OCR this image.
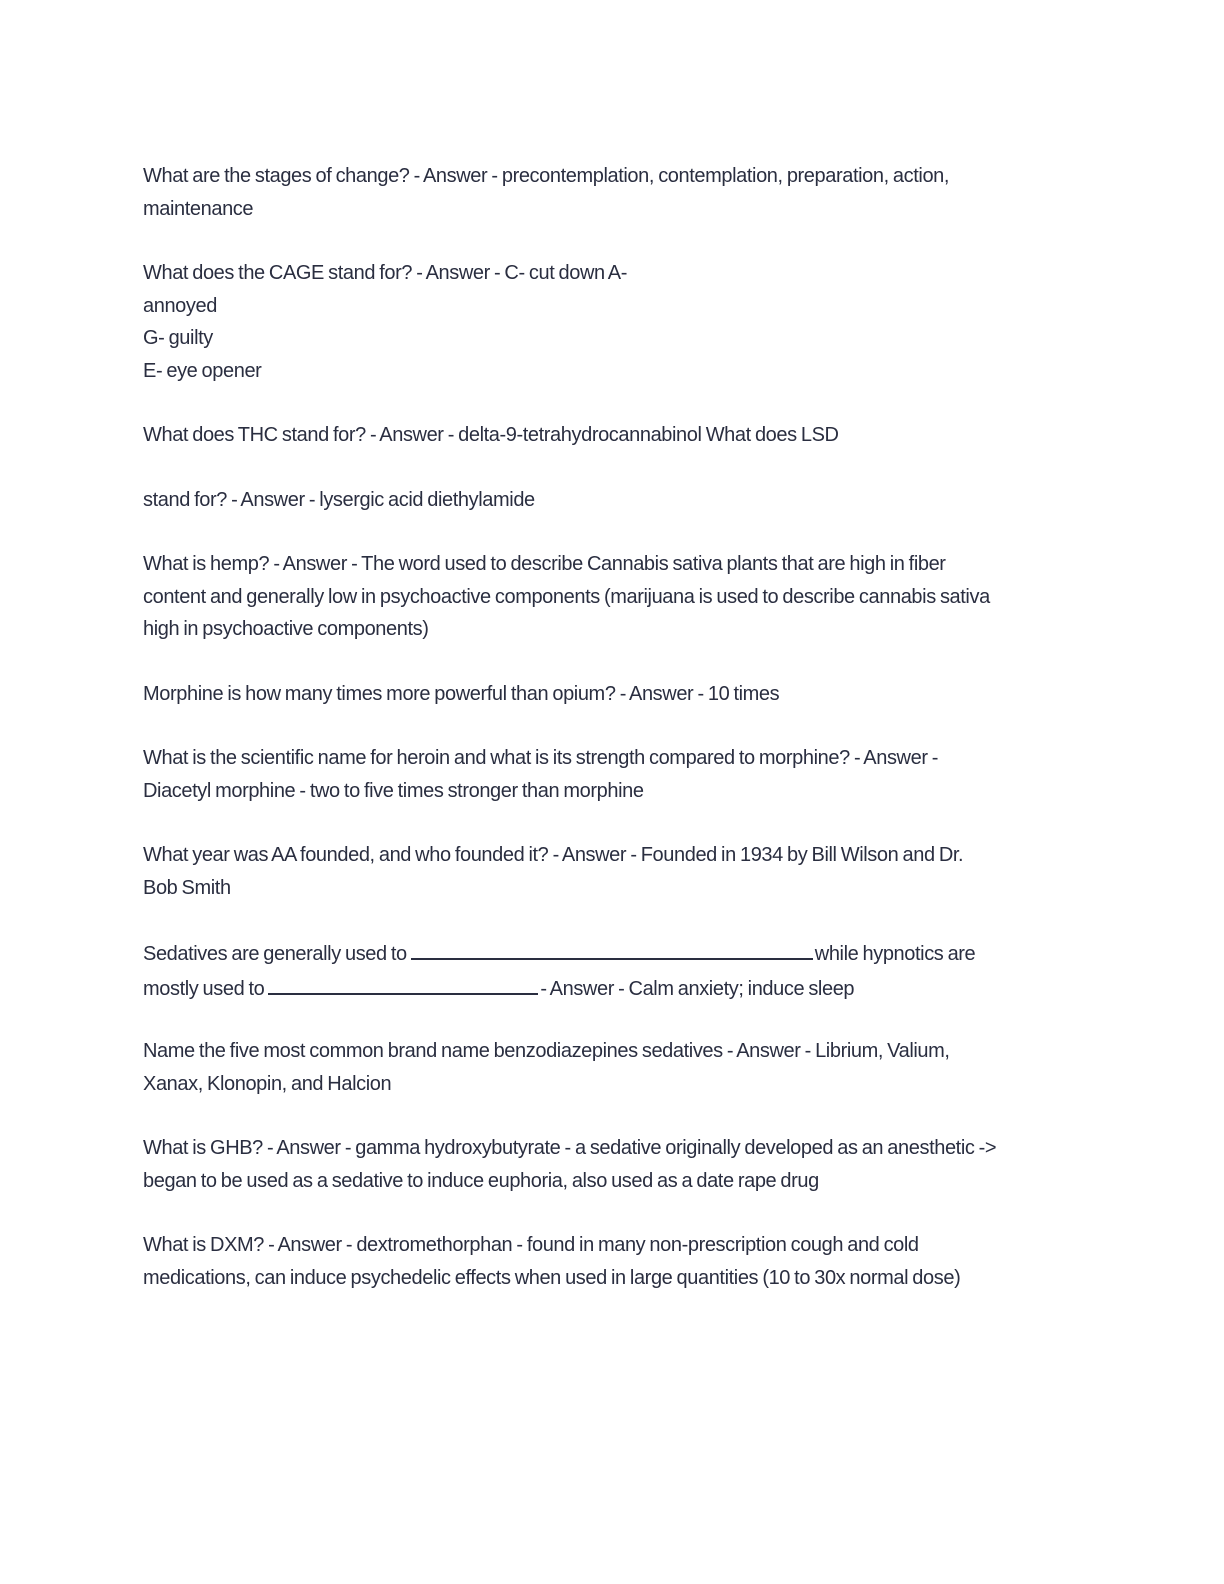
What are the stages of change? - Answer - precontemplation, contemplation, preparation, action,
maintenance
What does the CAGE stand for? - Answer - C- cut down A-
annoyed
G- guilty
E- eye opener
What does THC stand for? - Answer - delta-9-tetrahydrocannabinol What does LSD
stand for? - Answer - lysergic acid diethylamide
What is hemp? - Answer - The word used to describe Cannabis sativa plants that are high in fiber
content and generally low in psychoactive components (marijuana is used to describe cannabis sativa
high in psychoactive components)
Morphine is how many times more powerful than opium? - Answer - 10 times
What is the scientific name for heroin and what is its strength compared to morphine? - Answer -
Diacetyl morphine - two to five times stronger than morphine
What year was AA founded, and who founded it? - Answer - Founded in 1934 by Bill Wilson and Dr.
Bob Smith
Sedatives are generally used to	while hypnotics are
mostly used to	- Answer - Calm anxiety; induce sleep
Name the five most common brand name benzodiazepines sedatives - Answer - Librium, Valium,
Xanax, Klonopin, and Halcion
What is GHB? - Answer - gamma hydroxybutyrate - a sedative originally developed as an anesthetic ->
began to be used as a sedative to induce euphoria, also used as a date rape drug
What is DXM? - Answer - dextromethorphan - found in many non-prescription cough and cold
medications, can induce psychedelic effects when used in large quantities (10 to 30x normal dose)
